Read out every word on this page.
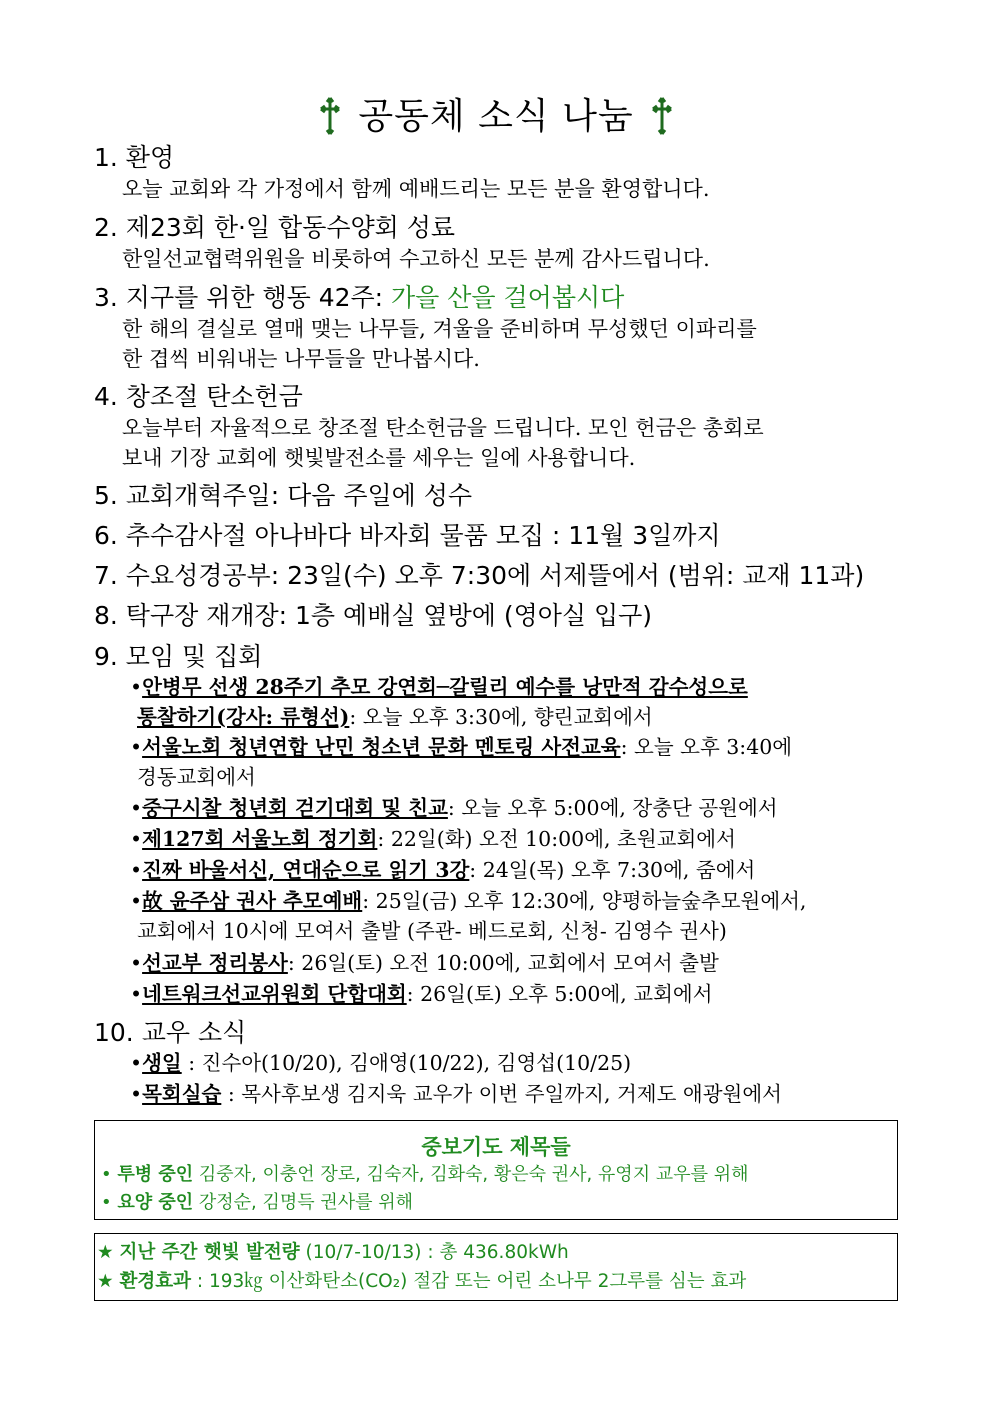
공동체 소식 나눔
1. 환영
오늘 교회와 각 가정에서 함께 예배드리는 모든 분을 환영합니다.
2. 제23회 한·일 합동수양회 성료
한일선교협력위원을 비롯하여 수고하신 모든 분께 감사드립니다.
3. 지구를 위한 행동 42주: 가을 산을 걸어봅시다
한 해의 결실로 열매 맺는 나무들, 겨울을 준비하며 무성했던 이파리를
한 겹씩 비워내는 나무들을 만나봅시다.
4. 창조절 탄소헌금
오늘부터 자율적으로 창조절 탄소헌금을 드립니다. 모인 헌금은 총회로
보내 기장 교회에 햇빛발전소를 세우는 일에 사용합니다.
5. 교회개혁주일: 다음 주일에 성수
6. 추수감사절 아나바다 바자회 물품 모집 : 11월 3일까지
7. 수요성경공부: 23일(수) 오후 7:30에 서제뜰에서 (범위: 교재 11과)
8. 탁구장 재개장: 1층 예배실 옆방에 (영아실 입구)
9. 모임 및 집회
•안병무 선생 28주기 추모 강연회─갈릴리 예수를 낭만적 감수성으로
통찰하기(강사: 류형선): 오늘 오후 3:30에, 향린교회에서
•서울노회 청년연합 난민 청소년 문화 멘토링 사전교육: 오늘 오후 3:40에
경동교회에서
•중구시찰 청년회 걷기대회 및 친교: 오늘 오후 5:00에, 장충단 공원에서
•제127회 서울노회 정기회: 22일(화) 오전 10:00에, 초원교회에서
•진짜 바울서신, 연대순으로 읽기 3강: 24일(목) 오후 7:30에, 줌에서
•故 윤주삼 권사 추모예배: 25일(금) 오후 12:30에, 양평하늘숲추모원에서,
교회에서 10시에 모여서 출발 (주관- 베드로회, 신청- 김영수 권사)
•선교부 정리봉사: 26일(토) 오전 10:00에, 교회에서 모여서 출발
•네트워크선교위원회 단합대회: 26일(토) 오후 5:00에, 교회에서
10. 교우 소식
•생일 : 진수아(10/20), 김애영(10/22), 김영섭(10/25)
•목회실습 : 목사후보생 김지욱 교우가 이번 주일까지, 거제도 애광원에서
중보기도 제목들
• 투병 중인 김중자, 이충언 장로, 김숙자, 김화숙, 황은숙 권사, 유영지 교우를 위해
• 요양 중인 강정순, 김명득 권사를 위해
★ 지난 주간 햇빛 발전량 (10/7-10/13) : 총 436.80kWh
★ 환경효과 : 193㎏ 이산화탄소(CO₂) 절감 또는 어린 소나무 2그루를 심는 효과
